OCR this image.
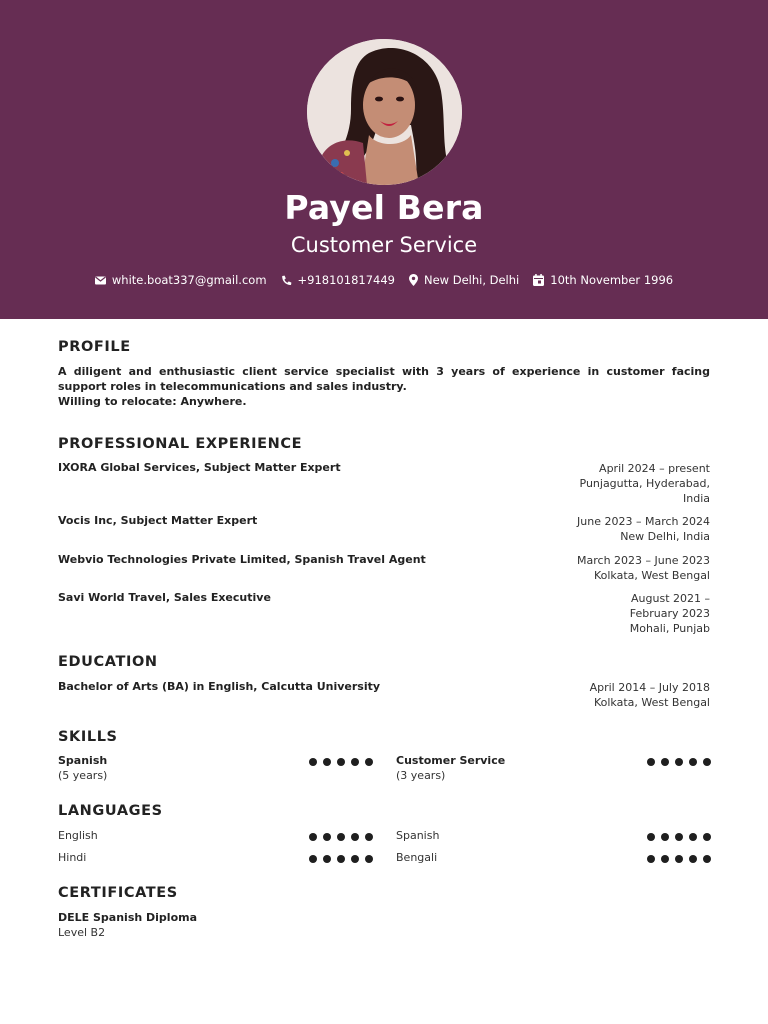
Payel Bera
Customer Service
white.boat337@gmail.com	+918101817449	New Delhi, Delhi	10th November 1996
PROFILE
A diligent and enthusiastic client service specialist with 3 years of experience in customer facing support roles in telecommunications and sales industry.
Willing to relocate: Anywhere.
PROFESSIONAL EXPERIENCE
IXORA Global Services, Subject Matter Expert	April 2024 – present
Punjagutta, Hyderabad,
India
Vocis Inc, Subject Matter Expert	June 2023 – March 2024
New Delhi, India
Webvio Technologies Private Limited, Spanish Travel Agent	March 2023 – June 2023
Kolkata, West Bengal
Savi World Travel, Sales Executive	August 2021 –
February 2023
Mohali, Punjab
EDUCATION
Bachelor of Arts (BA) in English, Calcutta University	April 2014 – July 2018
Kolkata, West Bengal
SKILLS
Spanish
(5 years)
Customer Service
(3 years)
LANGUAGES
English	Spanish
Hindi	Bengali
CERTIFICATES
DELE Spanish Diploma
Level B2
